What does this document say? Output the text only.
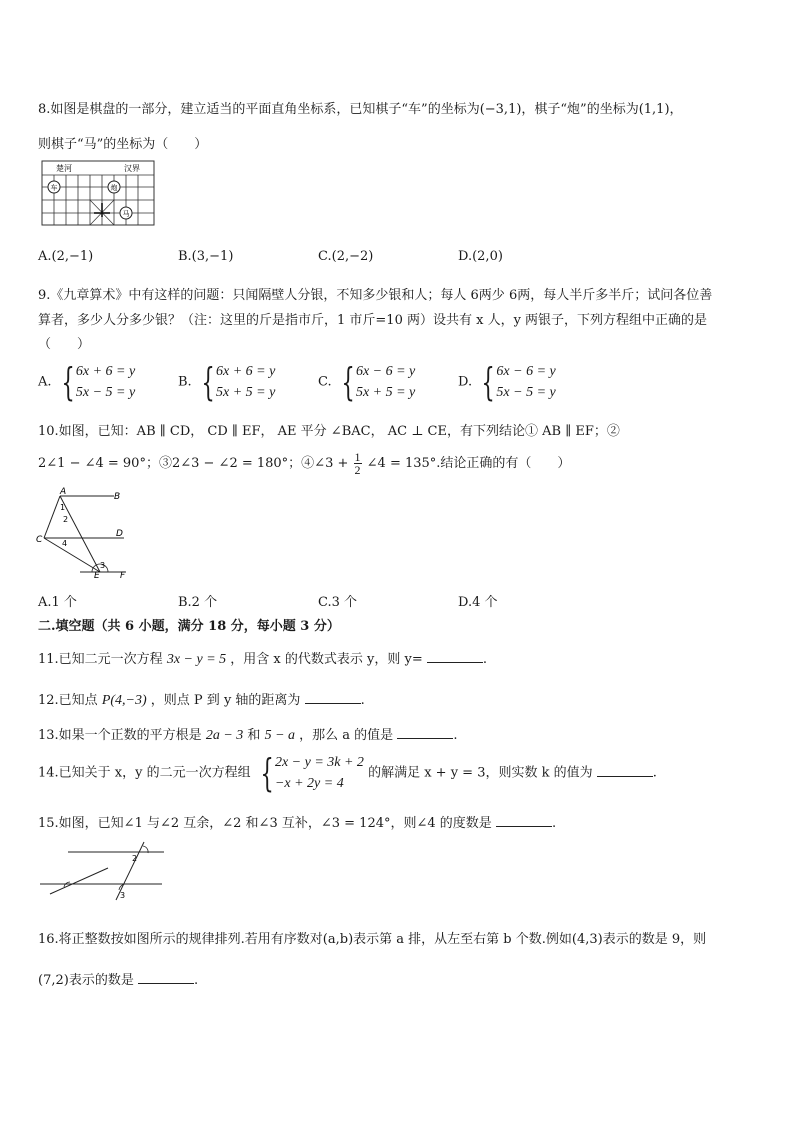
8.如图是棋盘的一部分，建立适当的平面直角坐标系，已知棋子“车”的坐标为(−3,1)，棋子“炮”的坐标为(1,1)，
则棋子“马”的坐标为（　　）
楚河	汉界
车	炮
马
A.(2,−1)	B.(3,−1)	C.(2,−2)	D.(2,0)
9.《九章算术》中有这样的问题：只闻隔壁人分银，不知多少银和人；每人 6两少 6两，每人半斤多半斤；试问各位善
算者，多少人分多少银？（注：这里的斤是指市斤，1 市斤=10 两）设共有 x 人，y 两银子，下列方程组中正确的是
（　　）
A. { 6x + 6 = y
5x − 5 = y
B. { 6x + 6 = y
5x + 5 = y
C. { 6x − 6 = y
5x + 5 = y
D. { 6x − 6 = y
5x − 5 = y
10.如图，已知：AB ∥ CD， CD ∥ EF， AE 平分 ∠BAC， AC ⊥ CE，有下列结论① AB ∥ EF；②
2∠1 − ∠4 = 90°；③2∠3 − ∠2 = 180°；④∠3 + $\frac{1}{2}$ ∠4 = 135°.结论正确的有（　　）
A	B
C
D
E F
1
2
3
4
A.1 个	B.2 个	C.3 个	D.4 个
二.填空题（共 6 小题，满分 18 分，每小题 3 分）
11.已知二元一次方程 3x − y = 5 ，用含 x 的代数式表示 y，则 y=	.
12.已知点 P(4,−3) ，则点 P 到 y 轴的距离为	.
13.如果一个正数的平方根是 2a − 3 和 5 − a ，那么 a 的值是	.
14.已知关于 x，y 的二元一次方程组 { 2x − y = 3k + 2
−x + 2y = 4
的解满足 x + y = 3，则实数 k 的值为	.
15.如图，已知∠1 与∠2 互余，∠2 和∠3 互补，∠3 = 124°，则∠4 的度数是	.
2
3
16.将正整数按如图所示的规律排列.若用有序数对(a,b)表示第 a 排，从左至右第 b 个数.例如(4,3)表示的数是 9，则
(7,2)表示的数是	.
